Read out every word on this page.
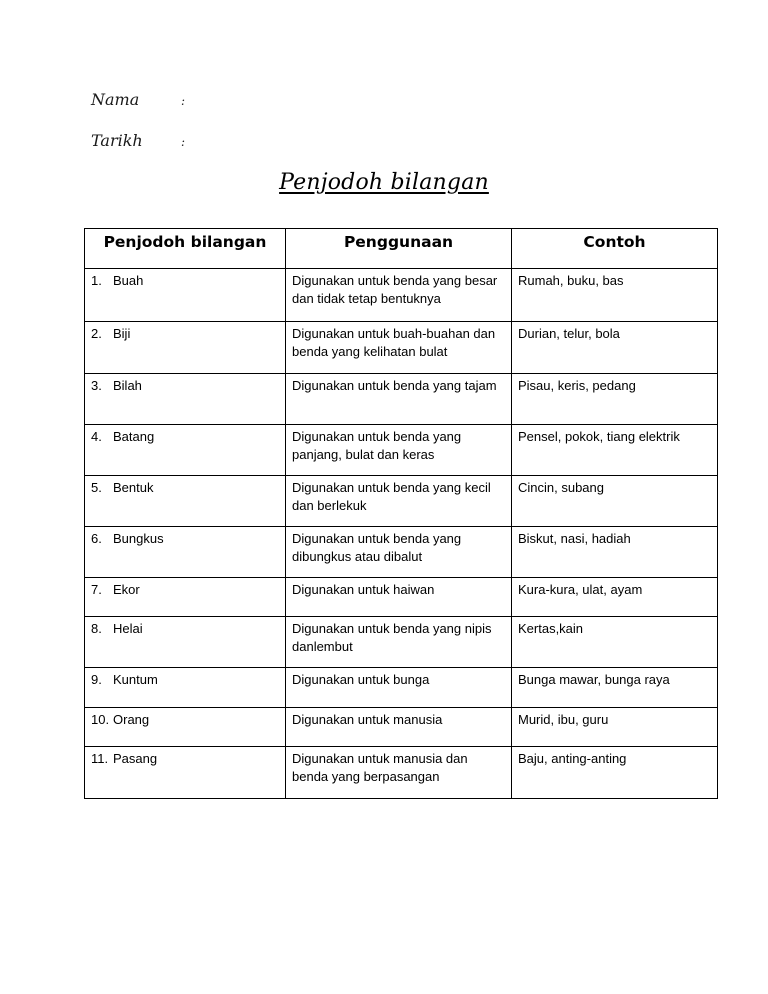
Nama	:
Tarikh	:
Penjodoh bilangan
Penjodoh bilangan	Penggunaan	Contoh
1. Buah	Digunakan untuk benda yang besar dan tidak tetap bentuknya	Rumah, buku, bas
2. Biji	Digunakan untuk buah-buahan dan benda yang kelihatan bulat	Durian, telur, bola
3. Bilah	Digunakan untuk benda yang tajam	Pisau, keris, pedang
4. Batang	Digunakan untuk benda yang panjang, bulat dan keras	Pensel, pokok, tiang elektrik
5. Bentuk	Digunakan untuk benda yang kecil dan berlekuk	Cincin, subang
6. Bungkus	Digunakan untuk benda yang dibungkus atau dibalut	Biskut, nasi, hadiah
7. Ekor	Digunakan untuk haiwan	Kura-kura, ulat, ayam
8. Helai	Digunakan untuk benda yang nipis danlembut	Kertas,kain
9. Kuntum	Digunakan untuk bunga	Bunga mawar, bunga raya
10. Orang	Digunakan untuk manusia	Murid, ibu, guru
11. Pasang	Digunakan untuk manusia dan benda yang berpasangan	Baju, anting-anting
